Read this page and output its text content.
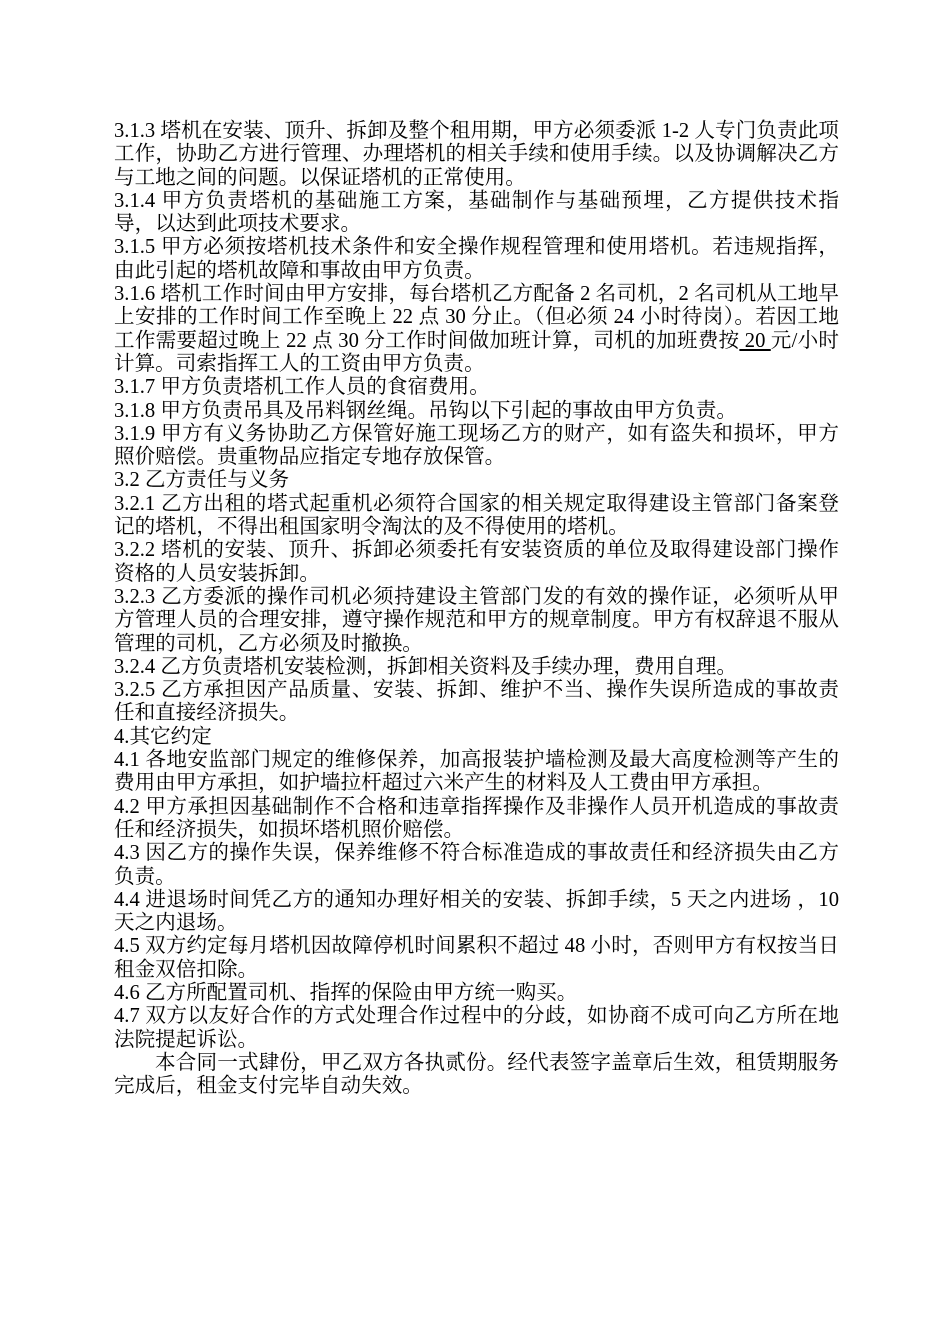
3.1.3 塔机在安装、顶升、拆卸及整个租用期，甲方必须委派 1-2 人专门负责此项工作，协助乙方进行管理、办理塔机的相关手续和使用手续。以及协调解决乙方与工地之间的问题。以保证塔机的正常使用。

3.1.4 甲方负责塔机的基础施工方案，基础制作与基础预埋，乙方提供技术指导，以达到此项技术要求。

3.1.5 甲方必须按塔机技术条件和安全操作规程管理和使用塔机。若违规指挥，由此引起的塔机故障和事故由甲方负责。

3.1.6 塔机工作时间由甲方安排，每台塔机乙方配备 2 名司机，2 名司机从工地早上安排的工作时间工作至晚上 22 点 30 分止。（但必须 24 小时待岗）。若因工地工作需要超过晚上 22 点 30 分工作时间做加班计算，司机的加班费按 20 元/小时计算。司索指挥工人的工资由甲方负责。

3.1.7 甲方负责塔机工作人员的食宿费用。

3.1.8 甲方负责吊具及吊料钢丝绳。吊钩以下引起的事故由甲方负责。

3.1.9 甲方有义务协助乙方保管好施工现场乙方的财产，如有盗失和损坏，甲方照价赔偿。贵重物品应指定专地存放保管。

3.2 乙方责任与义务

3.2.1 乙方出租的塔式起重机必须符合国家的相关规定取得建设主管部门备案登记的塔机，不得出租国家明令淘汰的及不得使用的塔机。

3.2.2 塔机的安装、顶升、拆卸必须委托有安装资质的单位及取得建设部门操作资格的人员安装拆卸。

3.2.3 乙方委派的操作司机必须持建设主管部门发的有效的操作证，必须听从甲方管理人员的合理安排，遵守操作规范和甲方的规章制度。甲方有权辞退不服从管理的司机，乙方必须及时撤换。

3.2.4 乙方负责塔机安装检测，拆卸相关资料及手续办理，费用自理。

3.2.5 乙方承担因产品质量、安装、拆卸、维护不当、操作失误所造成的事故责任和直接经济损失。

4.其它约定

4.1 各地安监部门规定的维修保养，加高报装护墙检测及最大高度检测等产生的费用由甲方承担，如护墙拉杆超过六米产生的材料及人工费由甲方承担。

4.2 甲方承担因基础制作不合格和违章指挥操作及非操作人员开机造成的事故责任和经济损失，如损坏塔机照价赔偿。

4.3 因乙方的操作失误，保养维修不符合标准造成的事故责任和经济损失由乙方负责。

4.4 进退场时间凭乙方的通知办理好相关的安装、拆卸手续，5 天之内进场 ，10 天之内退场。

4.5 双方约定每月塔机因故障停机时间累积不超过 48 小时，否则甲方有权按当日租金双倍扣除。

4.6 乙方所配置司机、指挥的保险由甲方统一购买。

4.7 双方以友好合作的方式处理合作过程中的分歧，如协商不成可向乙方所在地法院提起诉讼。

本合同一式肆份，甲乙双方各执贰份。经代表签字盖章后生效，租赁期服务完成后，租金支付完毕自动失效。
